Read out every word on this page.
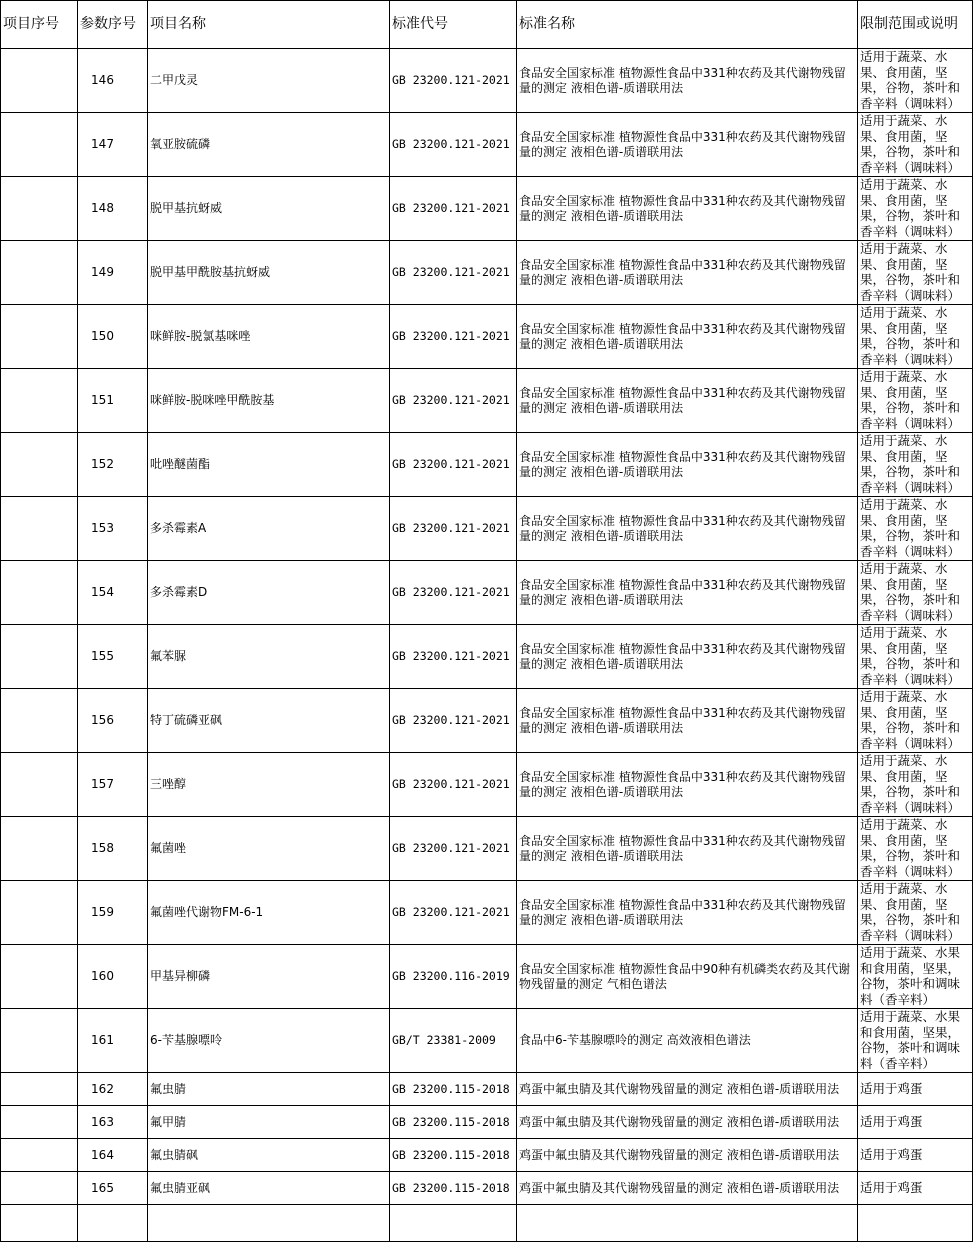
项目序号	参数序号	项目名称	标准代号	标准名称	限制范围或说明
	146	二甲戊灵	GB 23200.121-2021	食品安全国家标准 植物源性食品中331种农药及其代谢物残留量的测定 液相色谱-质谱联用法	适用于蔬菜、水果、食用菌，坚果，谷物，茶叶和香辛料（调味料）
	147	氧亚胺硫磷	GB 23200.121-2021	食品安全国家标准 植物源性食品中331种农药及其代谢物残留量的测定 液相色谱-质谱联用法	适用于蔬菜、水果、食用菌，坚果，谷物，茶叶和香辛料（调味料）
	148	脱甲基抗蚜威	GB 23200.121-2021	食品安全国家标准 植物源性食品中331种农药及其代谢物残留量的测定 液相色谱-质谱联用法	适用于蔬菜、水果、食用菌，坚果，谷物，茶叶和香辛料（调味料）
	149	脱甲基甲酰胺基抗蚜威	GB 23200.121-2021	食品安全国家标准 植物源性食品中331种农药及其代谢物残留量的测定 液相色谱-质谱联用法	适用于蔬菜、水果、食用菌，坚果，谷物，茶叶和香辛料（调味料）
	150	咪鲜胺-脱氯基咪唑	GB 23200.121-2021	食品安全国家标准 植物源性食品中331种农药及其代谢物残留量的测定 液相色谱-质谱联用法	适用于蔬菜、水果、食用菌，坚果，谷物，茶叶和香辛料（调味料）
	151	咪鲜胺-脱咪唑甲酰胺基	GB 23200.121-2021	食品安全国家标准 植物源性食品中331种农药及其代谢物残留量的测定 液相色谱-质谱联用法	适用于蔬菜、水果、食用菌，坚果，谷物，茶叶和香辛料（调味料）
	152	吡唑醚菌酯	GB 23200.121-2021	食品安全国家标准 植物源性食品中331种农药及其代谢物残留量的测定 液相色谱-质谱联用法	适用于蔬菜、水果、食用菌，坚果，谷物，茶叶和香辛料（调味料）
	153	多杀霉素A	GB 23200.121-2021	食品安全国家标准 植物源性食品中331种农药及其代谢物残留量的测定 液相色谱-质谱联用法	适用于蔬菜、水果、食用菌，坚果，谷物，茶叶和香辛料（调味料）
	154	多杀霉素D	GB 23200.121-2021	食品安全国家标准 植物源性食品中331种农药及其代谢物残留量的测定 液相色谱-质谱联用法	适用于蔬菜、水果、食用菌，坚果，谷物，茶叶和香辛料（调味料）
	155	氟苯脲	GB 23200.121-2021	食品安全国家标准 植物源性食品中331种农药及其代谢物残留量的测定 液相色谱-质谱联用法	适用于蔬菜、水果、食用菌，坚果，谷物，茶叶和香辛料（调味料）
	156	特丁硫磷亚砜	GB 23200.121-2021	食品安全国家标准 植物源性食品中331种农药及其代谢物残留量的测定 液相色谱-质谱联用法	适用于蔬菜、水果、食用菌，坚果，谷物，茶叶和香辛料（调味料）
	157	三唑醇	GB 23200.121-2021	食品安全国家标准 植物源性食品中331种农药及其代谢物残留量的测定 液相色谱-质谱联用法	适用于蔬菜、水果、食用菌，坚果，谷物，茶叶和香辛料（调味料）
	158	氟菌唑	GB 23200.121-2021	食品安全国家标准 植物源性食品中331种农药及其代谢物残留量的测定 液相色谱-质谱联用法	适用于蔬菜、水果、食用菌，坚果，谷物，茶叶和香辛料（调味料）
	159	氟菌唑代谢物FM-6-1	GB 23200.121-2021	食品安全国家标准 植物源性食品中331种农药及其代谢物残留量的测定 液相色谱-质谱联用法	适用于蔬菜、水果、食用菌，坚果，谷物，茶叶和香辛料（调味料）
	160	甲基异柳磷	GB 23200.116-2019	食品安全国家标准 植物源性食品中90种有机磷类农药及其代谢物残留量的测定 气相色谱法	适用于蔬菜、水果和食用菌，坚果，谷物，茶叶和调味料（香辛料）
	161	6-苄基腺嘌呤	GB/T 23381-2009	食品中6-苄基腺嘌呤的测定 高效液相色谱法	适用于蔬菜、水果和食用菌，坚果，谷物，茶叶和调味料（香辛料）
	162	氟虫腈	GB 23200.115-2018	鸡蛋中氟虫腈及其代谢物残留量的测定 液相色谱-质谱联用法	适用于鸡蛋
	163	氟甲腈	GB 23200.115-2018	鸡蛋中氟虫腈及其代谢物残留量的测定 液相色谱-质谱联用法	适用于鸡蛋
	164	氟虫腈砜	GB 23200.115-2018	鸡蛋中氟虫腈及其代谢物残留量的测定 液相色谱-质谱联用法	适用于鸡蛋
	165	氟虫腈亚砜	GB 23200.115-2018	鸡蛋中氟虫腈及其代谢物残留量的测定 液相色谱-质谱联用法	适用于鸡蛋
